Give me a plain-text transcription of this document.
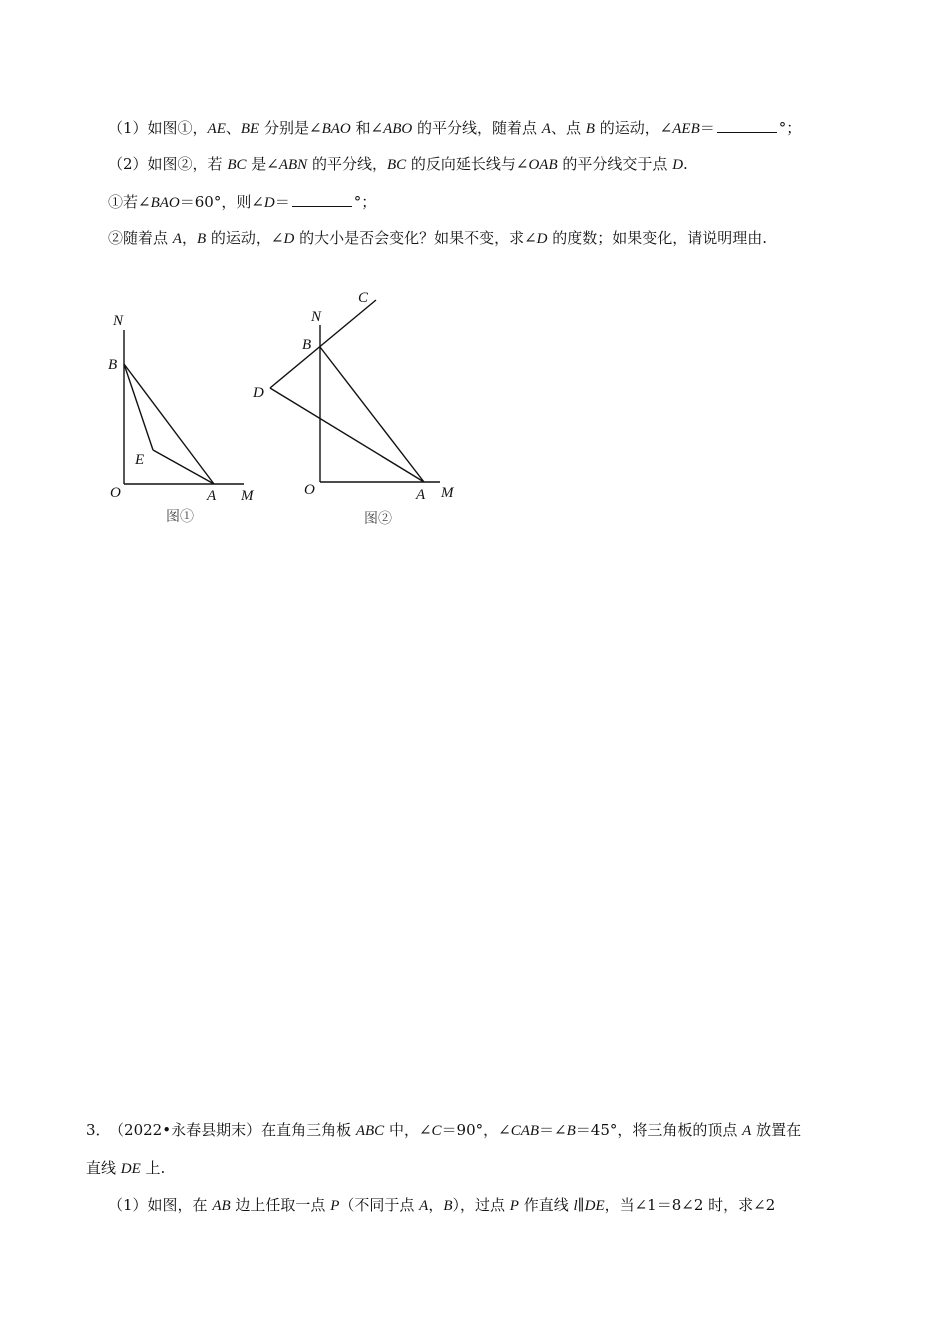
（1）如图①，AE、BE 分别是∠BAO 和∠ABO 的平分线，随着点 A、点 B 的运动，∠AEB＝	°；
（2）如图②，若 BC 是∠ABN 的平分线，BC 的反向延长线与∠OAB 的平分线交于点 D.
①若∠BAO＝60°，则∠D＝	°；
②随着点 A，B 的运动，∠D 的大小是否会变化？如果不变，求∠D 的度数；如果变化，请说明理由.
N
B
E
O	A M
图①
C
N
B
D
O	A M
图②
3． （2022•永春县期末）在直角三角板 ABC 中，∠C＝90°，∠CAB＝∠B＝45°，将三角板的顶点 A 放置在
直线 DE 上.
（1）如图，在 AB 边上任取一点 P（不同于点 A，B），过点 P 作直线 l∥DE，当∠1＝8∠2 时，求∠2
